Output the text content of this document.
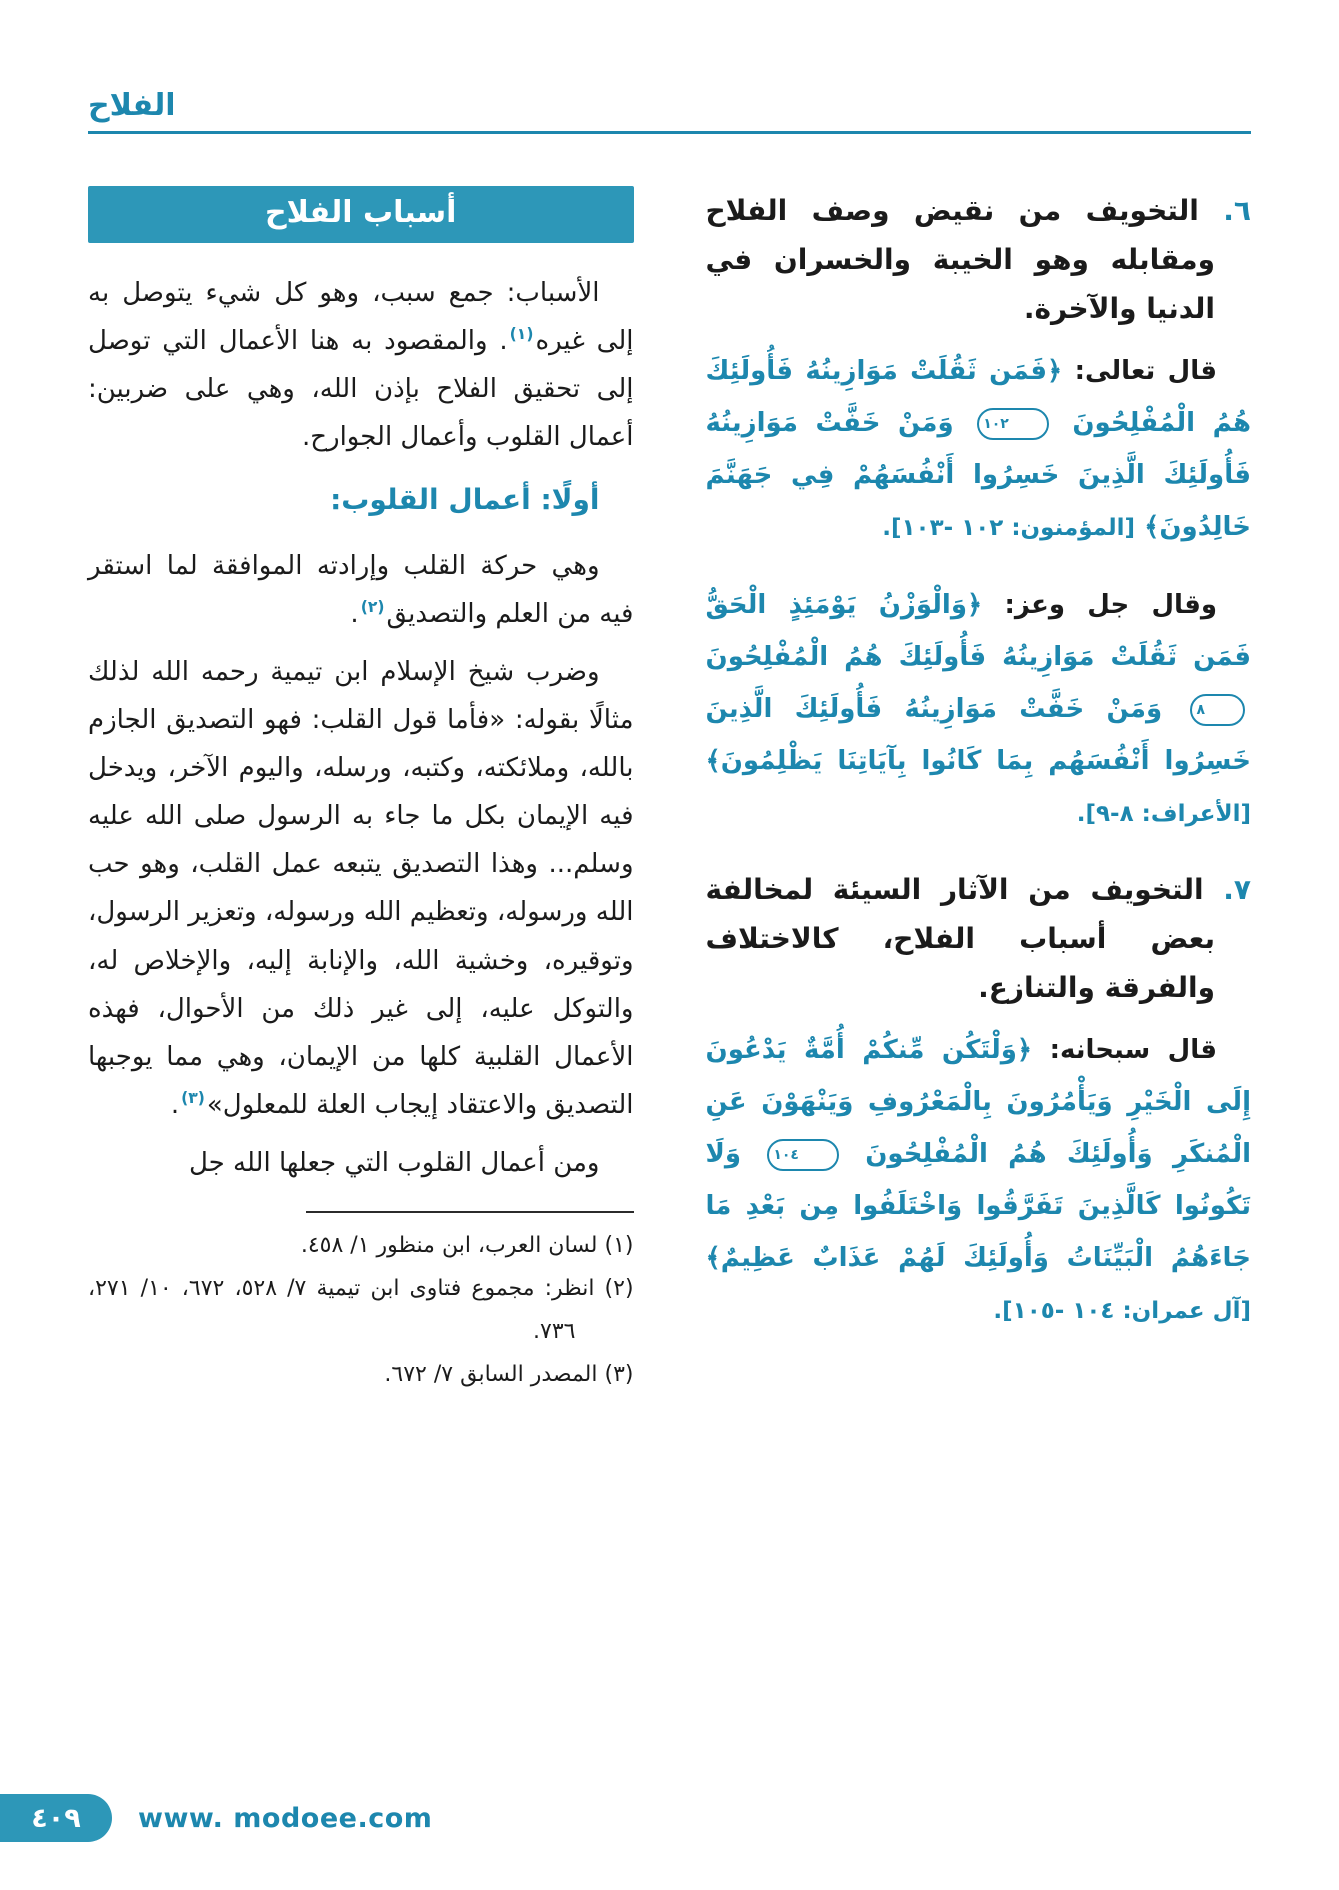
الفلاح

٦. التخويف من نقيض وصف الفلاح ومقابله وهو الخيبة والخسران في الدنيا والآخرة.

قال تعالى: ﴿فَمَن ثَقُلَتْ مَوَازِينُهُ فَأُولَئِكَ هُمُ الْمُفْلِحُونَ ١٠٢ وَمَنْ خَفَّتْ مَوَازِينُهُ فَأُولَئِكَ الَّذِينَ خَسِرُوا أَنْفُسَهُمْ فِي جَهَنَّمَ خَالِدُونَ﴾ [المؤمنون: ١٠٢ -١٠٣].

وقال جل وعز: ﴿وَالْوَزْنُ يَوْمَئِذٍ الْحَقُّ فَمَن ثَقُلَتْ مَوَازِينُهُ فَأُولَئِكَ هُمُ الْمُفْلِحُونَ ٨ وَمَنْ خَفَّتْ مَوَازِينُهُ فَأُولَئِكَ الَّذِينَ خَسِرُوا أَنْفُسَهُم بِمَا كَانُوا بِآيَاتِنَا يَظْلِمُونَ﴾ [الأعراف: ٨-٩].

٧. التخويف من الآثار السيئة لمخالفة بعض أسباب الفلاح، كالاختلاف والفرقة والتنازع.

قال سبحانه: ﴿وَلْتَكُن مِّنكُمْ أُمَّةٌ يَدْعُونَ إِلَى الْخَيْرِ وَيَأْمُرُونَ بِالْمَعْرُوفِ وَيَنْهَوْنَ عَنِ الْمُنكَرِ وَأُولَئِكَ هُمُ الْمُفْلِحُونَ ١٠٤ وَلَا تَكُونُوا كَالَّذِينَ تَفَرَّقُوا وَاخْتَلَفُوا مِن بَعْدِ مَا جَاءَهُمُ الْبَيِّنَاتُ وَأُولَئِكَ لَهُمْ عَذَابٌ عَظِيمٌ﴾ [آل عمران: ١٠٤ -١٠٥].

أسباب الفلاح

الأسباب: جمع سبب، وهو كل شيء يتوصل به إلى غيره$^{(١)}$. والمقصود به هنا الأعمال التي توصل إلى تحقيق الفلاح بإذن الله، وهي على ضربين: أعمال القلوب وأعمال الجوارح.

أولًا: أعمال القلوب:

وهي حركة القلب وإرادته الموافقة لما استقر فيه من العلم والتصديق$^{(٢)}$.

وضرب شيخ الإسلام ابن تيمية رحمه الله لذلك مثالًا بقوله: «فأما قول القلب: فهو التصديق الجازم بالله، وملائكته، وكتبه، ورسله، واليوم الآخر، ويدخل فيه الإيمان بكل ما جاء به الرسول صلى الله عليه وسلم... وهذا التصديق يتبعه عمل القلب، وهو حب الله ورسوله، وتعظيم الله ورسوله، وتعزير الرسول، وتوقيره، وخشية الله، والإنابة إليه، والإخلاص له، والتوكل عليه، إلى غير ذلك من الأحوال، فهذه الأعمال القلبية كلها من الإيمان، وهي مما يوجبها التصديق والاعتقاد إيجاب العلة للمعلول»$^{(٣)}$.

ومن أعمال القلوب التي جعلها الله جل

(١) لسان العرب، ابن منظور ١/ ٤٥٨.
(٢) انظر: مجموع فتاوى ابن تيمية ٧/ ٥٢٨، ٦٧٢، ١٠/ ٢٧١، ٧٣٦.
(٣) المصدر السابق ٧/ ٦٧٢.
٤٠٩ www. modoee.com
